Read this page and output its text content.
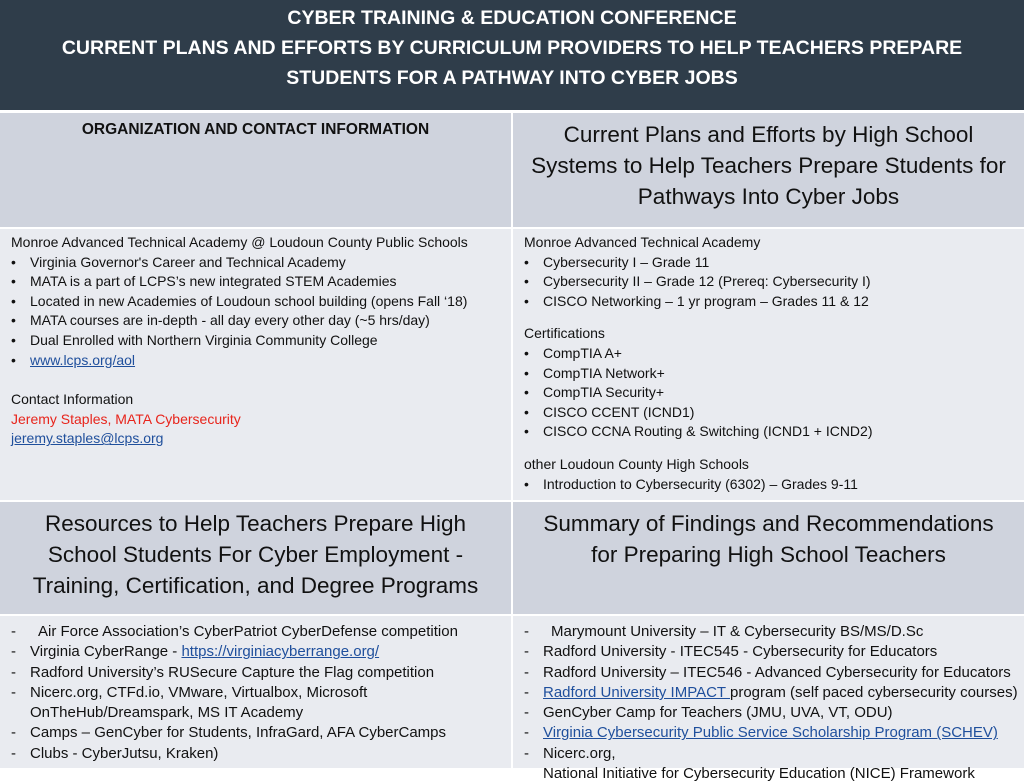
CYBER TRAINING & EDUCATION CONFERENCE
CURRENT PLANS AND EFFORTS BY CURRICULUM PROVIDERS TO HELP TEACHERS PREPARE
STUDENTS FOR A PATHWAY INTO CYBER JOBS
ORGANIZATION AND CONTACT INFORMATION	Current Plans and Efforts by High School
Systems to Help Teachers Prepare Students for
Pathways Into Cyber Jobs

Monroe Advanced Technical Academy @ Loudoun County Public Schools

• Virginia Governor's Career and Technical Academy
• MATA is a part of LCPS’s new integrated STEM Academies
• Located in new Academies of Loudoun school building (opens Fall ‘18)
• MATA courses are in-depth - all day every other day (~5 hrs/day)
• Dual Enrolled with Northern Virginia Community College
• www.lcps.org/aol

Contact Information

Jeremy Staples, MATA Cybersecurity

jeremy.staples@lcps.org

Monroe Advanced Technical Academy

• Cybersecurity I – Grade 11
• Cybersecurity II – Grade 12 (Prereq: Cybersecurity I)
• CISCO Networking – 1 yr program – Grades 11 & 12

Certifications

• CompTIA A+
• CompTIA Network+
• CompTIA Security+
• CISCO CCENT (ICND1)
• CISCO CCNA Routing & Switching (ICND1 + ICND2)

other Loudoun County High Schools

• Introduction to Cybersecurity (6302) – Grades 9-11
Resources to Help Teachers Prepare High
School Students For Cyber Employment -
Training, Certification, and Degree Programs
Summary of Findings and Recommendations
for Preparing High School Teachers
- Air Force Association’s CyberPatriot CyberDefense competition
- Virginia CyberRange - https://virginiacyberrange.org/
- Radford University’s RUSecure Capture the Flag competition
- Nicerc.org, CTFd.io, VMware, Virtualbox, Microsoft
OnTheHub/Dreamspark, MS IT Academy
- Camps – GenCyber for Students, InfraGard, AFA CyberCamps
- Clubs - CyberJutsu, Kraken)
- Marymount University – IT & Cybersecurity BS/MS/D.Sc
- Radford University - ITEC545 - Cybersecurity for Educators
- Radford University – ITEC546 - Advanced Cybersecurity for Educators
- Radford University IMPACT program (self paced cybersecurity courses)
- GenCyber Camp for Teachers (JMU, UVA, VT, ODU)
- Virginia Cybersecurity Public Service Scholarship Program (SCHEV)
- Nicerc.org,
National Initiative for Cybersecurity Education (NICE) Framework
